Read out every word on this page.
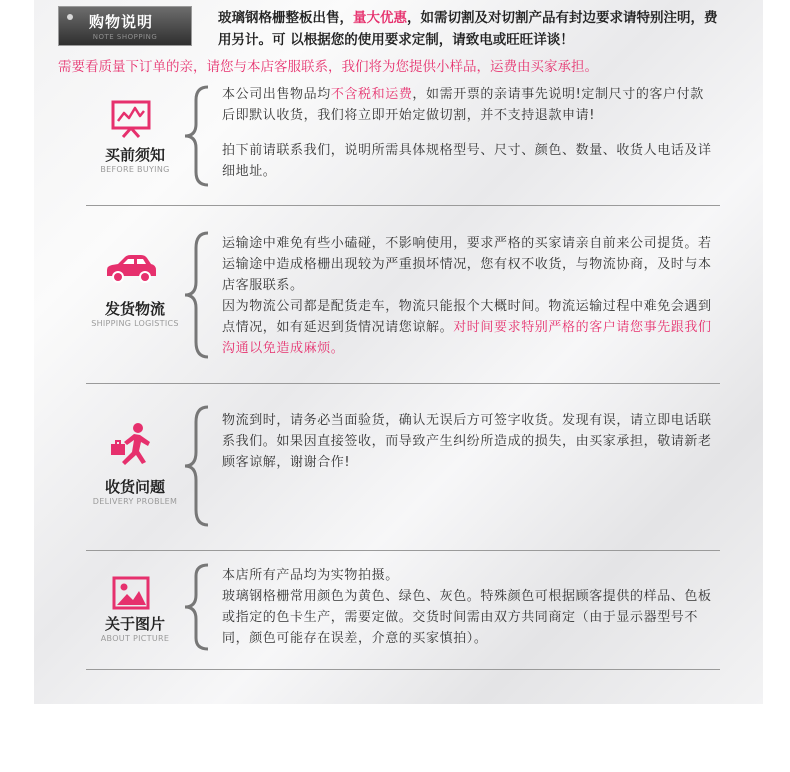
购物说明
NOTE SHOPPING
玻璃钢格栅整板出售，量大优惠，如需切割及对切割产品有封边要求请特别注明，费用另计。可 以根据您的使用要求定制，请致电或旺旺详谈！
需要看质量下订单的亲，请您与本店客服联系，我们将为您提供小样品，运费由买家承担。
买前须知
BEFORE BUYING

本公司出售物品均不含税和运费，如需开票的亲请事先说明!定制尺寸的客户付款后即默认收货，我们将立即开始定做切割，并不支持退款申请!

拍下前请联系我们，说明所需具体规格型号、尺寸、颜色、数量、收货人电话及详细地址。

发货物流
SHIPPING LOGISTICS

运输途中难免有些小磕碰，不影响使用，要求严格的买家请亲自前来公司提货。若运输途中造成格栅出现较为严重损坏情况，您有权不收货，与物流协商，及时与本店客服联系。

因为物流公司都是配货走车，物流只能报个大概时间。物流运输过程中难免会遇到点情况，如有延迟到货情况请您谅解。对时间要求特别严格的客户请您事先跟我们沟通以免造成麻烦。

收货问题
DELIVERY PROBLEM

物流到时，请务必当面验货，确认无误后方可签字收货。发现有误，请立即电话联系我们。如果因直接签收，而导致产生纠纷所造成的损失，由买家承担，敬请新老顾客谅解，谢谢合作!

关于图片
ABOUT PICTURE

本店所有产品均为实物拍摄。

玻璃钢格栅常用颜色为黄色、绿色、灰色。特殊颜色可根据顾客提供的样品、色板或指定的色卡生产，需要定做。交货时间需由双方共同商定（由于显示器型号不同，颜色可能存在误差，介意的买家慎拍）。
